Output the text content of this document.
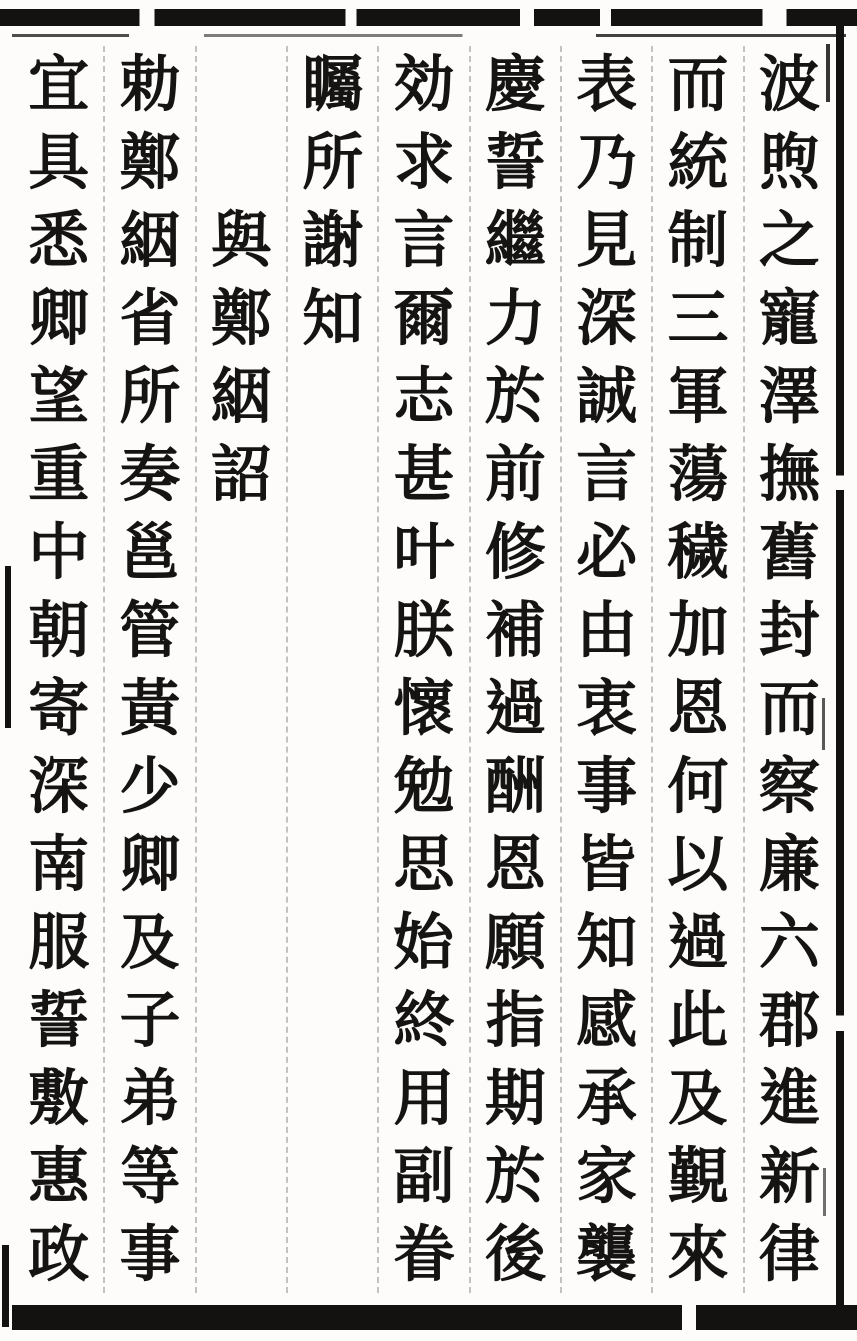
波
煦
之
寵
澤
撫
舊
封
而
察
廉
六
郡
進
新
律
而
統
制
三
軍
蕩
穢
加
恩
何
以
過
此
及
覲
來
表
乃
見
深
誠
言
必
由
衷
事
皆
知
感
承
家
襲
慶
誓
繼
力
於
前
修
補
過
酬
恩
願
指
期
於
後
効
求
言
爾
志
甚
叶
朕
懷
勉
思
始
終
用
副
眷
矚
所
謝
知
與
鄭
絪
詔
勅
鄭
絪
省
所
奏
邕
管
黃
少
卿
及
子
弟
等
事
宜
具
悉
卿
望
重
中
朝
寄
深
南
服
誓
敷
惠
政
